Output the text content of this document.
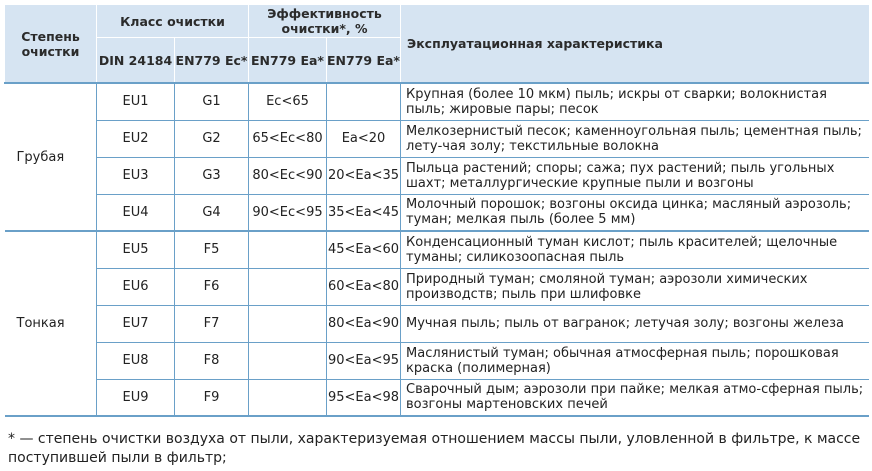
Степень очистки	Класс очистки		Эффективность очистки*, %		Эксплуатационная характеристика
	DIN 24184	EN779 Ec*	EN779 Ea*	EN779 Ea*	
Грубая	EU1	G1	Ec<65		Крупная (более 10 мкм) пыль; искры от сварки; волокнистая пыль; жировые пары; песок
	EU2	G2	65<Ec<80	Ea<20	Мелкозернистый песок; каменноугольная пыль; цементная пыль; лету-чая золу; текстильные волокна
	EU3	G3	80<Ec<90	20<Ea<35	Пыльца растений; споры; сажа; пух растений; пыль угольных шахт; металлургические крупные пыли и возгоны
	EU4	G4	90<Ec<95	35<Ea<45	Молочный порошок; возгоны оксида цинка; масляный аэрозоль; туман; мелкая пыль (более 5 мм)
Тонкая	EU5	F5		45<Ea<60	Конденсационный туман кислот; пыль красителей; щелочные туманы; силикозоопасная пыль
	EU6	F6		60<Ea<80	Природный туман; смоляной туман; аэрозоли химических производств; пыль при шлифовке
	EU7	F7		80<Ea<90	Мучная пыль; пыль от вагранок; летучая золу; возгоны железа
	EU8	F8		90<Ea<95	Маслянистый туман; обычная атмосферная пыль; порошковая краска (полимерная)
	EU9	F9		95<Ea<98	Сварочный дым; аэрозоли при пайке; мелкая атмо-сферная пыль; возгоны мартеновских печей
* — степень очистки воздуха от пыли, характеризуемая отношением массы пыли, уловленной в фильтре, к массе поступившей пыли в фильтр;
